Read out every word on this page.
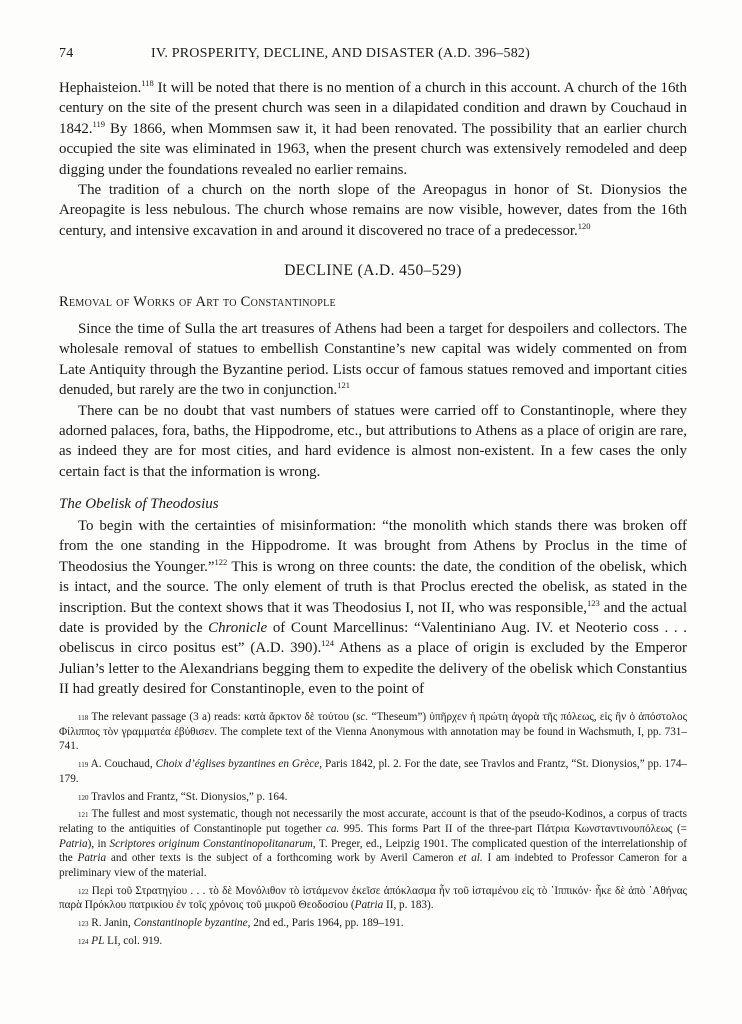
74	IV. PROSPERITY, DECLINE, AND DISASTER (A.D. 396–582)

Hephaisteion.$^{118}$ It will be noted that there is no mention of a church in this account. A church of the 16th century on the site of the present church was seen in a dilapidated condition and drawn by Couchaud in 1842.$^{119}$ By 1866, when Mommsen saw it, it had been renovated. The possibility that an earlier church occupied the site was eliminated in 1963, when the present church was extensively remodeled and deep digging under the foundations revealed no earlier remains.

The tradition of a church on the north slope of the Areopagus in honor of St. Dionysios the Areopagite is less nebulous. The church whose remains are now visible, however, dates from the 16th century, and intensive excavation in and around it discovered no trace of a predecessor.$^{120}$

DECLINE (A.D. 450–529)
Removal of Works of Art to Constantinople

Since the time of Sulla the art treasures of Athens had been a target for despoilers and collectors. The wholesale removal of statues to embellish Constantine’s new capital was widely commented on from Late Antiquity through the Byzantine period. Lists occur of famous statues removed and important cities denuded, but rarely are the two in conjunction.$^{121}$

There can be no doubt that vast numbers of statues were carried off to Constantinople, where they adorned palaces, fora, baths, the Hippodrome, etc., but attributions to Athens as a place of origin are rare, as indeed they are for most cities, and hard evidence is almost non-existent. In a few cases the only certain fact is that the information is wrong.

The Obelisk of Theodosius

To begin with the certainties of misinformation: “the monolith which stands there was broken off from the one standing in the Hippodrome. It was brought from Athens by Proclus in the time of Theodosius the Younger.”$^{122}$ This is wrong on three counts: the date, the condition of the obelisk, which is intact, and the source. The only element of truth is that Proclus erected the obelisk, as stated in the inscription. But the context shows that it was Theodosius I, not II, who was responsible,$^{123}$ and the actual date is provided by the Chronicle of Count Marcellinus: “Valentiniano Aug. IV. et Neoterio coss . . . obeliscus in circo positus est” (A.D. 390).$^{124}$ Athens as a place of origin is excluded by the Emperor Julian’s letter to the Alexandrians begging them to expedite the delivery of the obelisk which Constantius II had greatly desired for Constantinople, even to the point of

118 The relevant passage (3 a) reads: κατὰ ἄρκτον δὲ τούτου (sc. “Theseum”) ὑπῆρχεν ἡ πρώτη ἀγορὰ τῆς πόλεως, εἰς ἣν ὁ ἀπόστολος Φίλιππος τὸν γραμματέα ἐβύθισεν. The complete text of the Vienna Anonymous with annotation may be found in Wachsmuth, I, pp. 731–741.

119 A. Couchaud, Choix d’églises byzantines en Grèce, Paris 1842, pl. 2. For the date, see Travlos and Frantz, “St. Dionysios,” pp. 174–179.

120 Travlos and Frantz, “St. Dionysios,” p. 164.

121 The fullest and most systematic, though not necessarily the most accurate, account is that of the pseudo-Kodinos, a corpus of tracts relating to the antiquities of Constantinople put together ca. 995. This forms Part II of the three-part Πάτρια Κωνσταντινουπόλεως (= Patria), in Scriptores originum Constantinopolitanarum, T. Preger, ed., Leipzig 1901. The complicated question of the interrelationship of the Patria and other texts is the subject of a forthcoming work by Averil Cameron et al. I am indebted to Professor Cameron for a preliminary view of the material.

122 Περὶ τοῦ Στρατηγίου . . . τὸ δὲ Μονόλιθον τὸ ἱστάμενον ἐκεῖσε ἀπόκλασμα ἦν τοῦ ἱσταμένου εἰς τὸ ῾Ιππικόν· ἦκε δὲ ἀπὸ ᾿Αθήνας παρὰ Πρόκλου πατρικίου ἐν τοῖς χρόνοις τοῦ μικροῦ Θεοδοσίου (Patria II, p. 183).

123 R. Janin, Constantinople byzantine, 2nd ed., Paris 1964, pp. 189–191.

124 PL LI, col. 919.
